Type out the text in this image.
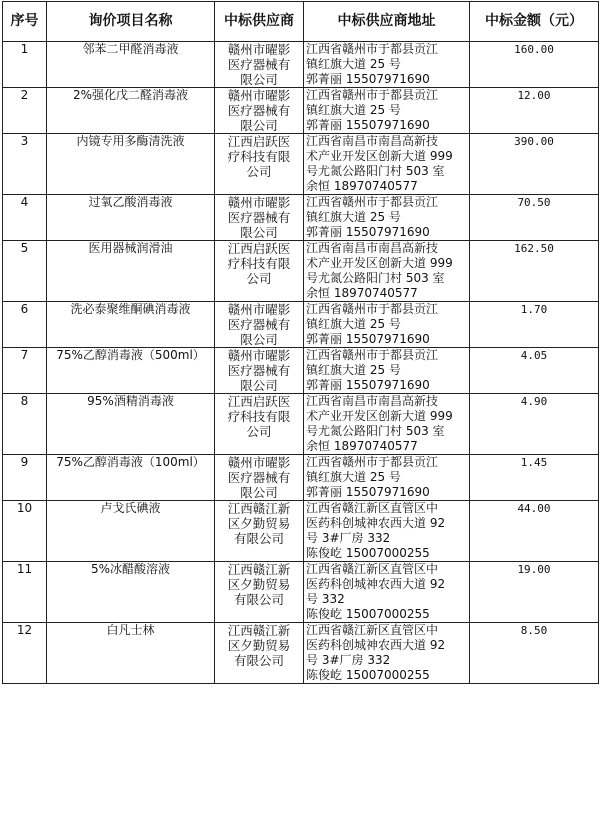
序号	询价项目名称	中标供应商	中标供应商地址	中标金额（元）
1	邻苯二甲醛消毒液	赣州市曜影
医疗器械有
限公司	江西省赣州市于都县贡江
镇红旗大道 25 号
郭菁丽 15507971690	160.00
2	2%强化戊二醛消毒液	赣州市曜影
医疗器械有
限公司	江西省赣州市于都县贡江
镇红旗大道 25 号
郭菁丽 15507971690	12.00
3	内镜专用多酶清洗液	江西启跃医
疗科技有限
公司	江西省南昌市南昌高新技
术产业开发区创新大道 999
号尤氮公路阳门村 503 室
余恒 18970740577	390.00
4	过氧乙酸消毒液	赣州市曜影
医疗器械有
限公司	江西省赣州市于都县贡江
镇红旗大道 25 号
郭菁丽 15507971690	70.50
5	医用器械润滑油	江西启跃医
疗科技有限
公司	江西省南昌市南昌高新技
术产业开发区创新大道 999
号尤氮公路阳门村 503 室
余恒 18970740577	162.50
6	洗必泰聚维酮碘消毒液	赣州市曜影
医疗器械有
限公司	江西省赣州市于都县贡江
镇红旗大道 25 号
郭菁丽 15507971690	1.70
7	75%乙醇消毒液（500ml）	赣州市曜影
医疗器械有
限公司	江西省赣州市于都县贡江
镇红旗大道 25 号
郭菁丽 15507971690	4.05
8	95%酒精消毒液	江西启跃医
疗科技有限
公司	江西省南昌市南昌高新技
术产业开发区创新大道 999
号尤氮公路阳门村 503 室
余恒 18970740577	4.90
9	75%乙醇消毒液（100ml）	赣州市曜影
医疗器械有
限公司	江西省赣州市于都县贡江
镇红旗大道 25 号
郭菁丽 15507971690	1.45
10	卢戈氏碘液	江西赣江新
区夕勤贸易
有限公司	江西省赣江新区直管区中
医药科创城神农西大道 92
号 3#厂房 332
陈俊屹 15007000255	44.00
11	5%冰醋酸溶液	江西赣江新
区夕勤贸易
有限公司	江西省赣江新区直管区中
医药科创城神农西大道 92
号 332
陈俊屹 15007000255	19.00
12	白凡士林	江西赣江新
区夕勤贸易
有限公司	江西省赣江新区直管区中
医药科创城神农西大道 92
号 3#厂房 332
陈俊屹 15007000255	8.50
